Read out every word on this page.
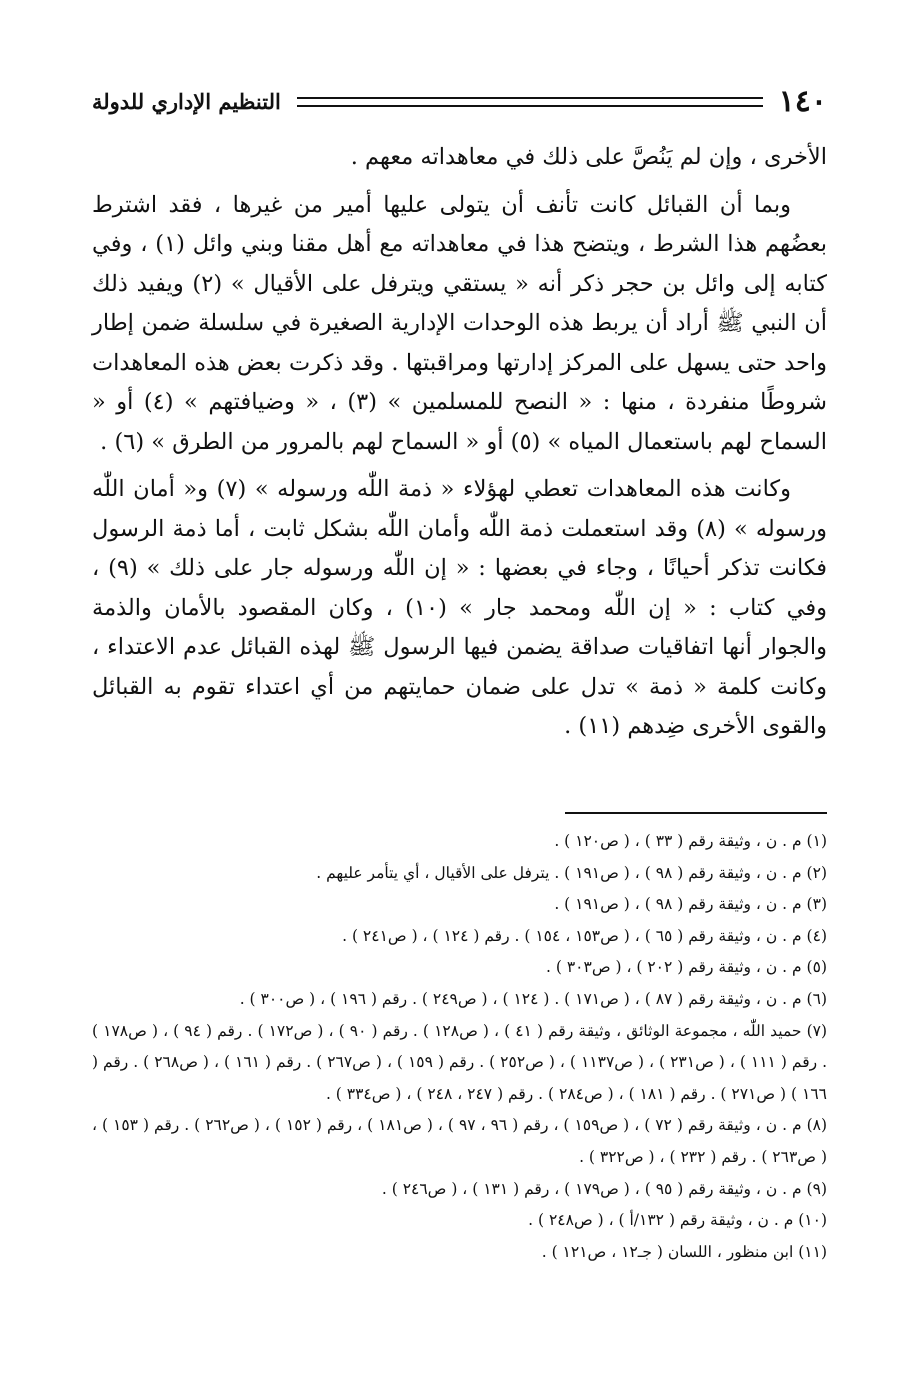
١٤٠
التنظيم الإداري للدولة

الأخرى ، وإن لم يَنُصَّ على ذلك في معاهداته معهم .

وبما أن القبائل كانت تأنف أن يتولى عليها أمير من غيرها ، فقد اشترط بعضُهم هذا الشرط ، ويتضح هذا في معاهداته مع أهل مقنا وبني وائل (١) ، وفي كتابه إلى وائل بن حجر ذكر أنه « يستقي ويترفل على الأقيال » (٢) ويفيد ذلك أن النبي ﷺ أراد أن يربط هذه الوحدات الإدارية الصغيرة في سلسلة ضمن إطار واحد حتى يسهل على المركز إدارتها ومراقبتها . وقد ذكرت بعض هذه المعاهدات شروطًا منفردة ، منها : « النصح للمسلمين » (٣) ، « وضيافتهم » (٤) أو « السماح لهم باستعمال المياه » (٥) أو « السماح لهم بالمرور من الطرق » (٦) .

وكانت هذه المعاهدات تعطي لهؤلاء « ذمة اللّٰه ورسوله » (٧) و« أمان اللّٰه ورسوله » (٨) وقد استعملت ذمة اللّٰه وأمان اللّٰه بشكل ثابت ، أما ذمة الرسول فكانت تذكر أحيانًا ، وجاء في بعضها : « إن اللّٰه ورسوله جار على ذلك » (٩) ، وفي كتاب : « إن اللّٰه ومحمد جار » (١٠) ، وكان المقصود بالأمان والذمة والجوار أنها اتفاقيات صداقة يضمن فيها الرسول ﷺ لهذه القبائل عدم الاعتداء ، وكانت كلمة « ذمة » تدل على ضمان حمايتهم من أي اعتداء تقوم به القبائل والقوى الأخرى ضِدهم (١١) .

(١) م . ن ، وثيقة رقم ( ٣٣ ) ، ( ص١٢٠ ) .

(٢) م . ن ، وثيقة رقم ( ٩٨ ) ، ( ص١٩١ ) . يترفل على الأقيال ، أي يتأمر عليهم .

(٣) م . ن ، وثيقة رقم ( ٩٨ ) ، ( ص١٩١ ) .

(٤) م . ن ، وثيقة رقم ( ٦٥ ) ، ( ص١٥٣ ، ١٥٤ ) . رقم ( ١٢٤ ) ، ( ص٢٤١ ) .

(٥) م . ن ، وثيقة رقم ( ٢٠٢ ) ، ( ص٣٠٣ ) .

(٦) م . ن ، وثيقة رقم ( ٨٧ ) ، ( ص١٧١ ) . ( ١٢٤ ) ، ( ص٢٤٩ ) . رقم ( ١٩٦ ) ، ( ص٣٠٠ ) .

(٧) حميد اللّٰه ، مجموعة الوثائق ، وثيقة رقم ( ٤١ ) ، ( ص١٢٨ ) . رقم ( ٩٠ ) ، ( ص١٧٢ ) . رقم ( ٩٤ ) ، ( ص١٧٨ ) . رقم ( ١١١ ) ، ( ص٢٣١ ) ، ( ص١١٣٧ ) ، ( ص٢٥٢ ) . رقم ( ١٥٩ ) ، ( ص٢٦٧ ) . رقم ( ١٦١ ) ، ( ص٢٦٨ ) . رقم ( ١٦٦ ) ( ص٢٧١ ) . رقم ( ١٨١ ) ، ( ص٢٨٤ ) . رقم ( ٢٤٧ ، ٢٤٨ ) ، ( ص٣٣٤ ) .

(٨) م . ن ، وثيقة رقم ( ٧٢ ) ، ( ص١٥٩ ) ، رقم ( ٩٦ ، ٩٧ ) ، ( ص١٨١ ) ، رقم ( ١٥٢ ) ، ( ص٢٦٢ ) . رقم ( ١٥٣ ) ، ( ص٢٦٣ ) . رقم ( ٢٣٢ ) ، ( ص٣٢٢ ) .

(٩) م . ن ، وثيقة رقم ( ٩٥ ) ، ( ص١٧٩ ) ، رقم ( ١٣١ ) ، ( ص٢٤٦ ) .

(١٠) م . ن ، وثيقة رقم ( ١٣٢/أ ) ، ( ص٢٤٨ ) .

(١١) ابن منظور ، اللسان ( جـ١٢ ، ص١٢١ ) .
